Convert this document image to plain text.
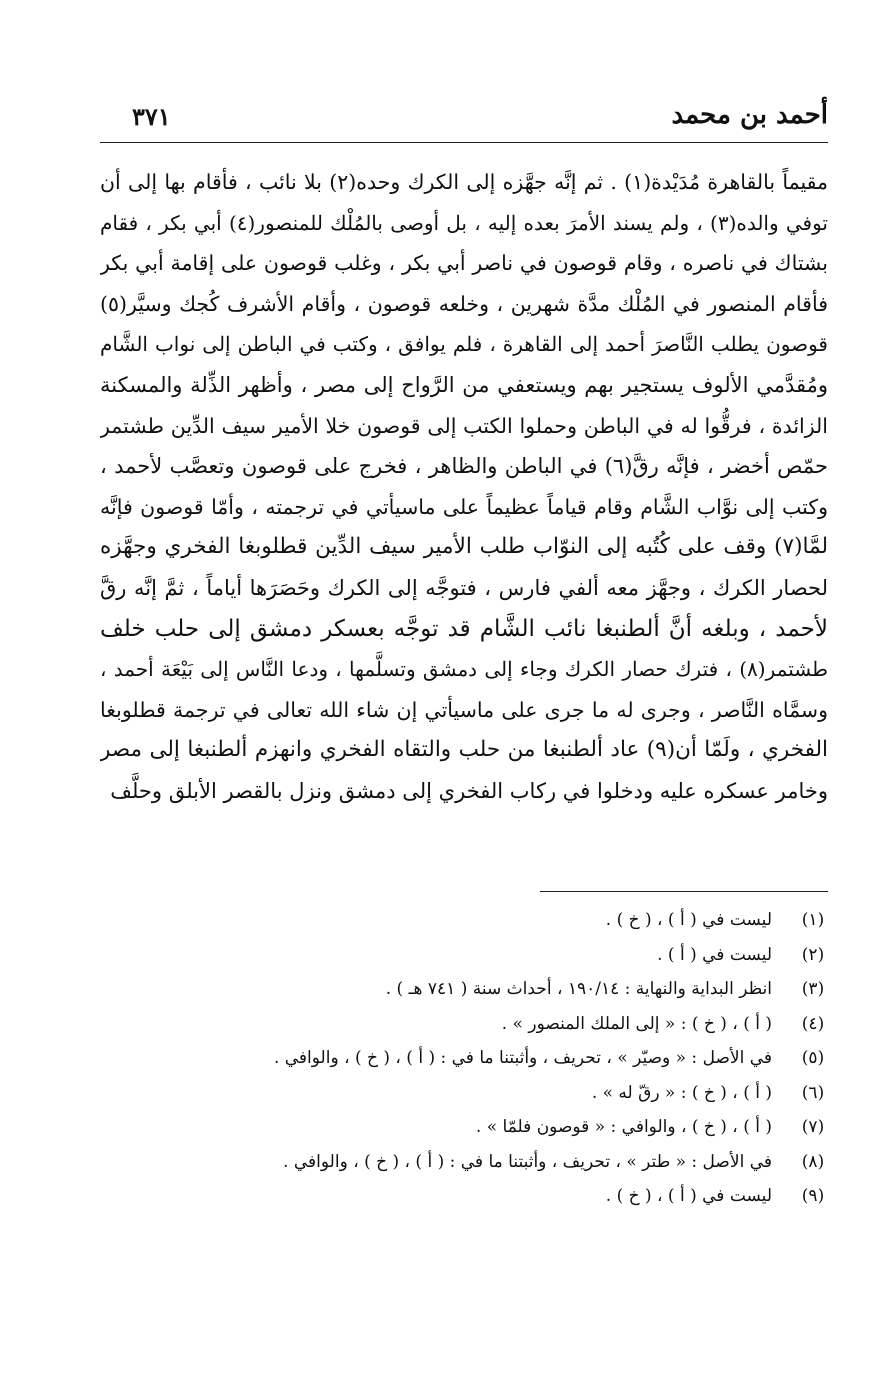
أحمد بن محمد
٣٧١
مقيماً بالقاهرة مُدَيْدة(١) . ثم إنَّه جهَّزه إلى الكرك وحده(٢) بلا نائب ، فأقام بها إلى أن
توفي والده(٣) ، ولم يسند الأمرَ بعده إليه ، بل أوصى بالمُلْك للمنصور(٤) أبي بكر ، فقام
بشتاك في ناصره ، وقام قوصون في ناصر أبي بكر ، وغلب قوصون على إقامة أبي بكر
فأقام المنصور في المُلْك مدَّة شهرين ، وخلعه قوصون ، وأقام الأشرف كُجك وسيَّر(٥)
قوصون يطلب النَّاصرَ أحمد إلى القاهرة ، فلم يوافق ، وكتب في الباطن إلى نواب الشَّام
ومُقدَّمي الألوف يستجير بهم ويستعفي من الرَّواح إلى مصر ، وأظهر الذِّلة والمسكنة
الزائدة ، فرقُّوا له في الباطن وحملوا الكتب إلى قوصون خلا الأمير سيف الدِّين طشتمر
حمّص أخضر ، فإنَّه رقَّ(٦) في الباطن والظاهر ، فخرج على قوصون وتعصَّب لأحمد ،
وكتب إلى نوَّاب الشَّام وقام قياماً عظيماً على ماسيأتي في ترجمته ، وأمّا قوصون فإنَّه
لمَّا(٧) وقف على كُتُبه إلى النوّاب طلب الأمير سيف الدِّين قطلوبغا الفخري وجهَّزه
لحصار الكرك ، وجهَّز معه ألفي فارس ، فتوجَّه إلى الكرك وحَصَرَها أياماً ، ثمَّ إنَّه رقَّ
لأحمد ، وبلغه أنَّ ألطنبغا نائب الشَّام قد توجَّه بعسكر دمشق إلى حلب خلف
طشتمر(٨) ، فترك حصار الكرك وجاء إلى دمشق وتسلَّمها ، ودعا النَّاس إلى بَيْعَة أحمد ،
وسمَّاه النَّاصر ، وجرى له ما جرى على ماسيأتي إن شاء الله تعالى في ترجمة قطلوبغا
الفخري ، ولَمّا أن(٩) عاد ألطنبغا من حلب والتقاه الفخري وانهزم ألطنبغا إلى مصر
وخامر عسكره عليه ودخلوا في ركاب الفخري إلى دمشق ونزل بالقصر الأبلق وحلَّف
(١)ليست في ( أ ) ، ( خ ) .
(٢)ليست في ( أ ) .
(٣)انظر البداية والنهاية : ١٩٠/١٤ ، أحداث سنة ( ٧٤١ هـ ) .
(٤)( أ ) ، ( خ ) : « إلى الملك المنصور » .
(٥)في الأصل : « وصيّر » ، تحريف ، وأثبتنا ما في : ( أ ) ، ( خ ) ، والوافي .
(٦)( أ ) ، ( خ ) : « رقّ له » .
(٧)( أ ) ، ( خ ) ، والوافي : « قوصون فلمّا » .
(٨)في الأصل : « طتر » ، تحريف ، وأثبتنا ما في : ( أ ) ، ( خ ) ، والوافي .
(٩)ليست في ( أ ) ، ( خ ) .
